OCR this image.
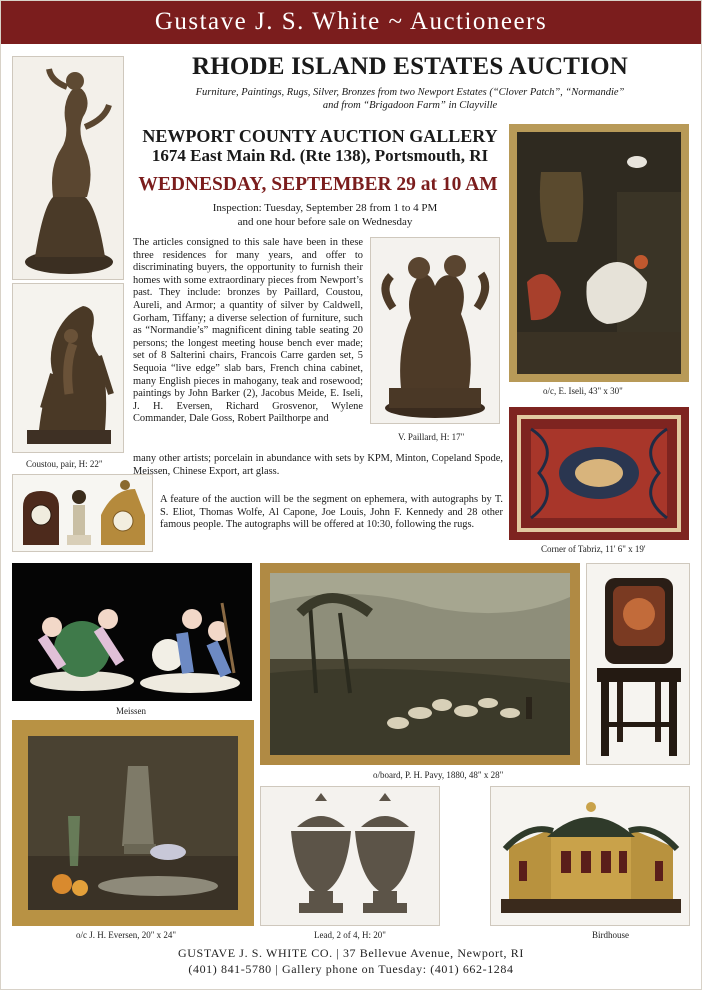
Gustave J. S. White ~ Auctioneers
Coustou, pair, H: 22"
RHODE ISLAND ESTATES AUCTION
Furniture, Paintings, Rugs, Silver, Bronzes from two Newport Estates (“Clover Patch”, “Normandie”
and from “Brigadoon Farm” in Clayville
NEWPORT COUNTY AUCTION GALLERY
1674 East Main Rd. (Rte 138), Portsmouth, RI
WEDNESDAY, SEPTEMBER 29 at 10 AM
Inspection: Tuesday, September 28 from 1 to 4 PM
and one hour before sale on Wednesday
The articles consigned to this sale have been in these three residences for many years, and offer to discriminating buyers, the opportunity to furnish their homes with some extraordinary pieces from Newport’s past. They include: bronzes by Paillard, Coustou, Aureli, and Armor; a quantity of silver by Caldwell, Gorham, Tiffany; a diverse selection of furniture, such as “Normandie’s” magnificent dining table seating 20 persons; the longest meeting house bench ever made; set of 8 Salterini chairs, Francois Carre garden set, 5 Sequoia “live edge” slab bars, French china cabinet, many English pieces in mahogany, teak and rosewood; paintings by John Barker (2), Jacobus Meide, E. Iseli, J. H. Eversen, Richard Grosvenor, Wylene Commander, Dale Goss, Robert Pailthorpe and
many other artists; porcelain in abundance with sets by KPM, Minton, Copeland Spode, Meissen, Chinese Export, art glass.
A feature of the auction will be the segment on ephemera, with autographs by T. S. Eliot, Thomas Wolfe, Al Capone, Joe Louis, John F. Kennedy and 28 other famous people. The autographs will be offered at 10:30, following the rugs.
V. Paillard, H: 17"
o/c, E. Iseli, 43" x 30"
Corner of Tabriz, 11' 6" x 19'
Meissen
o/board, P. H. Pavy, 1880, 48" x 28"
o/c J. H. Eversen, 20" x 24"	Lead, 2 of 4, H: 20"	Birdhouse
GUSTAVE J. S. WHITE CO. | 37 Bellevue Avenue, Newport, RI
(401) 841-5780 | Gallery phone on Tuesday: (401) 662-1284
